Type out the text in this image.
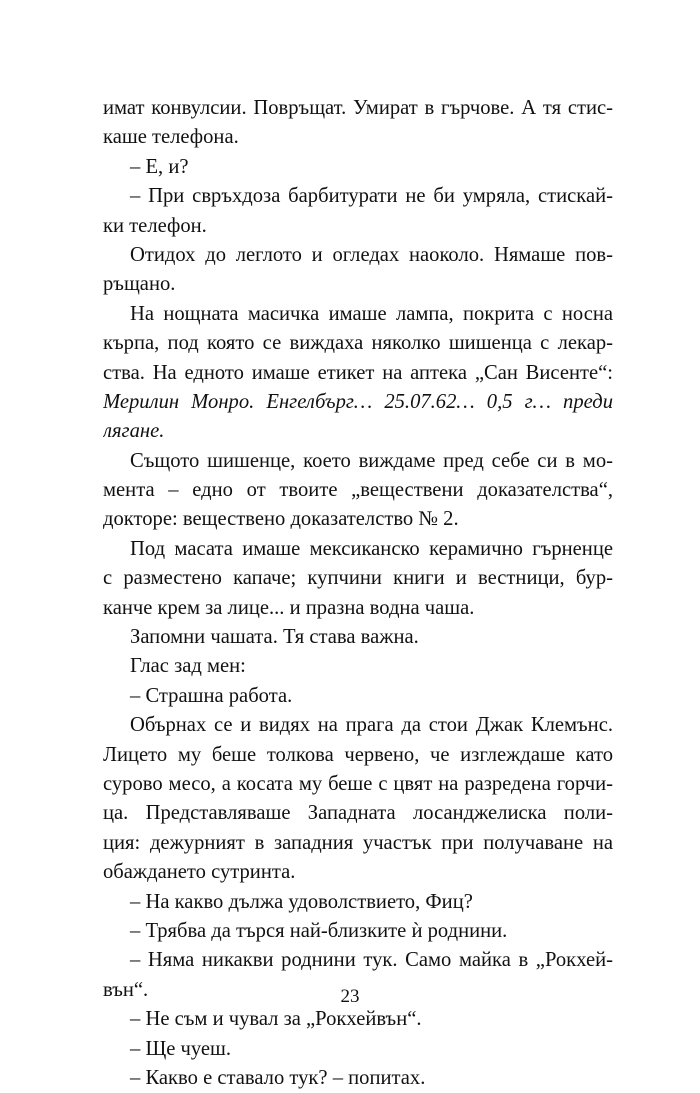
имат конвулсии. Повръщат. Умират в гърчове. А тя стис-
каше телефона.
– Е, и?
– При свръхдоза барбитурати не би умряла, стискай-
ки телефон.
Отидох до леглото и огледах наоколо. Нямаше пов-
ръщано.
На нощната масичка имаше лампа, покрита с носна
кърпа, под която се виждаха няколко шишенца с лекар-
ства. На едното имаше етикет на аптека „Сан Висенте“:
Мерилин Монро. Енгелбърг… 25.07.62… 0,5 г… преди
лягане.
Същото шишенце, което виждаме пред себе си в мо-
мента – едно от твоите „веществени доказателства“,
докторе: веществено доказателство № 2.
Под масата имаше мексиканско керамично гърненце
с разместено капаче; купчини книги и вестници, бур-
канче крем за лице... и празна водна чаша.
Запомни чашата. Тя става важна.
Глас зад мен:
– Страшна работа.
Обърнах се и видях на прага да стои Джак Клемънс.
Лицето му беше толкова червено, че изглеждаше като
сурово месо, а косата му беше с цвят на разредена горчи-
ца. Представляваше Западната лосанджелиска поли-
ция: дежурният в западния участък при получаване на
обаждането сутринта.
– На какво дължа удоволствието, Фиц?
– Трябва да търся най-близките ѝ роднини.
– Няма никакви роднини тук. Само майка в „Рокхей-
вън“.
– Не съм и чувал за „Рокхейвън“.
– Ще чуеш.
– Какво е ставало тук? – попитах.
23
